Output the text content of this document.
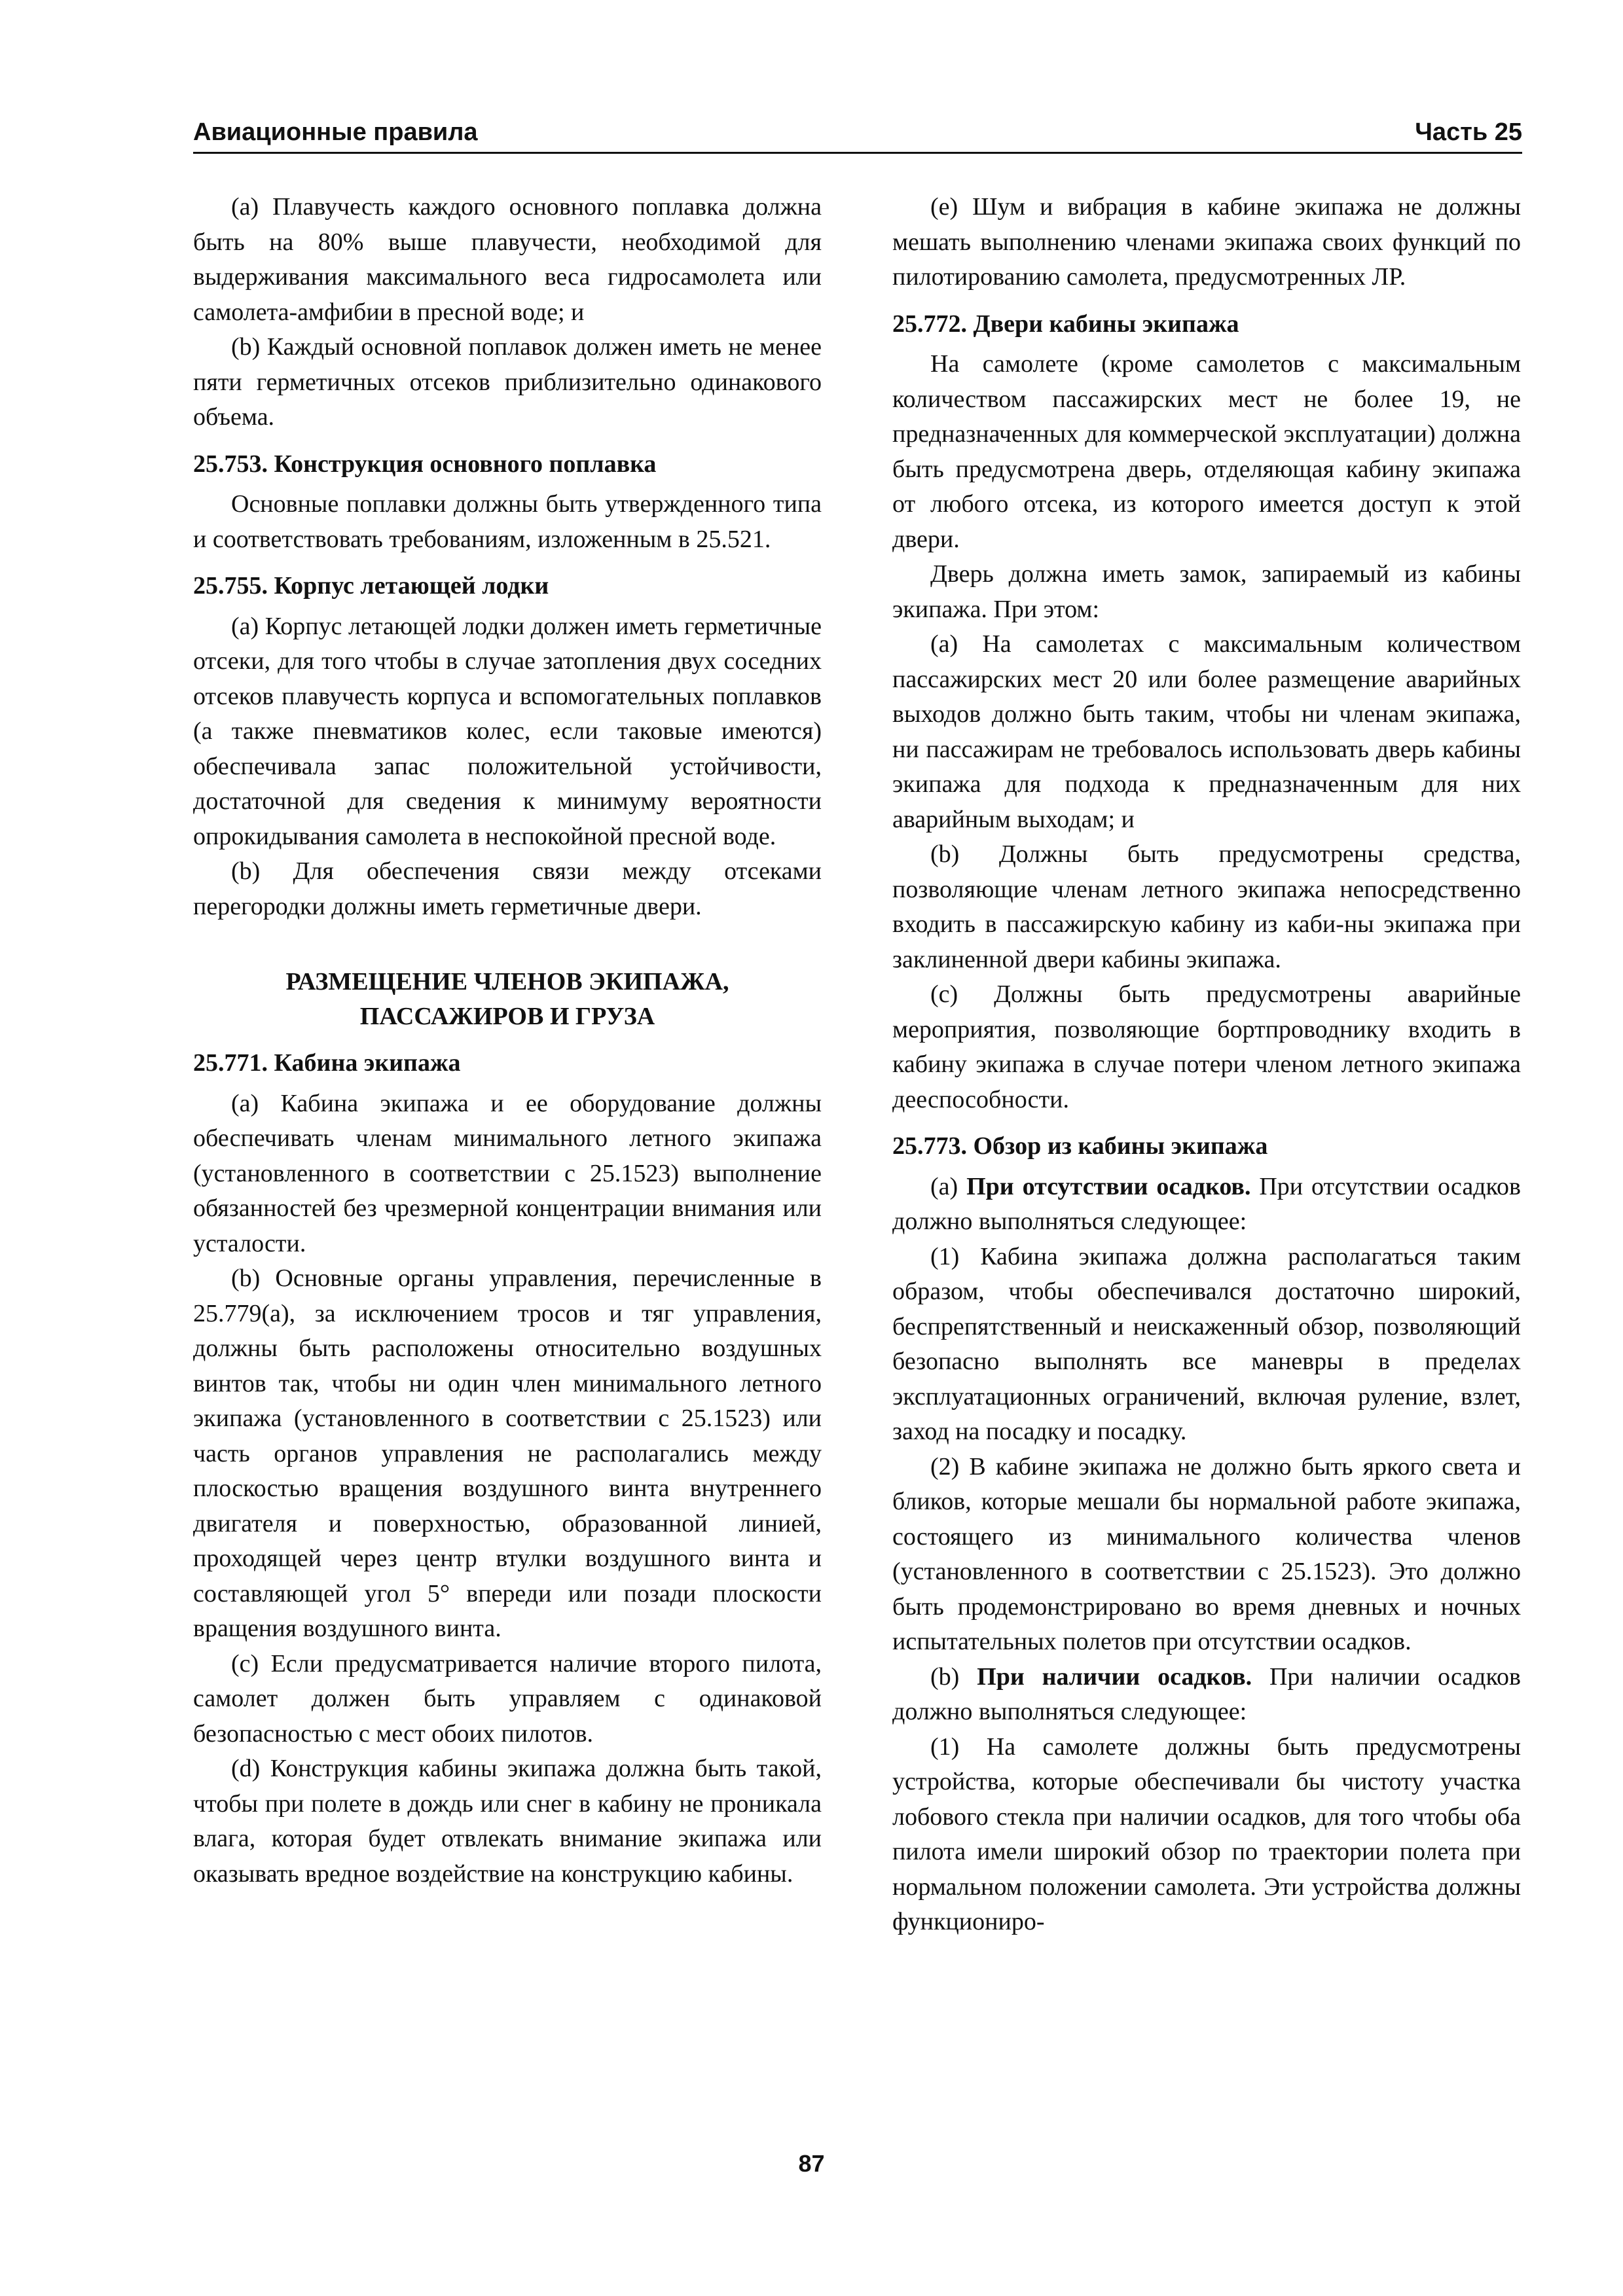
Авиационные правила	Часть 25

(a) Плавучесть каждого основного поплавка должна быть на 80% выше плавучести, необходимой для выдерживания максимального веса гидросамолета или самолета-амфибии в пресной воде; и

(b) Каждый основной поплавок должен иметь не менее пяти герметичных отсеков приблизительно одинакового объема.

25.753. Конструкция основного поплавка

Основные поплавки должны быть утвержденного типа и соответствовать требованиям, изложенным в 25.521.

25.755. Корпус летающей лодки

(a) Корпус летающей лодки должен иметь герметичные отсеки, для того чтобы в случае затопления двух соседних отсеков плавучесть корпуса и вспомогательных поплавков (а также пневматиков колес, если таковые имеются) обеспечивала запас положительной устойчивости, достаточной для сведения к минимуму вероятности опрокидывания самолета в неспокойной пресной воде.

(b) Для обеспечения связи между отсеками перегородки должны иметь герметичные двери.

РАЗМЕЩЕНИЕ ЧЛЕНОВ ЭКИПАЖА,
ПАССАЖИРОВ И ГРУЗА
25.771. Кабина экипажа

(a) Кабина экипажа и ее оборудование должны обеспечивать членам минимального летного экипажа (установленного в соответствии с 25.1523) выполнение обязанностей без чрезмерной концентрации внимания или усталости.

(b) Основные органы управления, перечисленные в 25.779(a), за исключением тросов и тяг управления, должны быть расположены относительно воздушных винтов так, чтобы ни один член минимального летного экипажа (установленного в соответствии с 25.1523) или часть органов управления не располагались между плоскостью вращения воздушного винта внутреннего двигателя и поверхностью, образованной линией, проходящей через центр втулки воздушного винта и составляющей угол 5° впереди или позади плоскости вращения воздушного винта.

(c) Если предусматривается наличие второго пилота, самолет должен быть управляем с одинаковой безопасностью с мест обоих пилотов.

(d) Конструкция кабины экипажа должна быть такой, чтобы при полете в дождь или снег в кабину не проникала влага, которая будет отвлекать внимание экипажа или оказывать вредное воздействие на конструкцию кабины.

(e) Шум и вибрация в кабине экипажа не должны мешать выполнению членами экипажа своих функций по пилотированию самолета, предусмотренных ЛР.

25.772. Двери кабины экипажа

На самолете (кроме самолетов с максимальным количеством пассажирских мест не более 19, не предназначенных для коммерческой эксплуатации) должна быть предусмотрена дверь, отделяющая кабину экипажа от любого отсека, из которого имеется доступ к этой двери.

Дверь должна иметь замок, запираемый из кабины экипажа. При этом:

(a) На самолетах с максимальным количеством пассажирских мест 20 или более размещение аварийных выходов должно быть таким, чтобы ни членам экипажа, ни пассажирам не требовалось использовать дверь кабины экипажа для подхода к предназначенным для них аварийным выходам; и

(b) Должны быть предусмотрены средства, позволяющие членам летного экипажа непосредственно входить в пассажирскую кабину из каби-ны экипажа при заклиненной двери кабины экипажа.

(c) Должны быть предусмотрены аварийные мероприятия, позволяющие бортпроводнику входить в кабину экипажа в случае потери членом летного экипажа дееспособности.

25.773. Обзор из кабины экипажа

(a) При отсутствии осадков. При отсутствии осадков должно выполняться следующее:

(1) Кабина экипажа должна располагаться таким образом, чтобы обеспечивался достаточно широкий, беспрепятственный и неискаженный обзор, позволяющий безопасно выполнять все маневры в пределах эксплуатационных ограничений, включая руление, взлет, заход на посадку и посадку.

(2) В кабине экипажа не должно быть яркого света и бликов, которые мешали бы нормальной работе экипажа, состоящего из минимального количества членов (установленного в соответствии с 25.1523). Это должно быть продемонстрировано во время дневных и ночных испытательных полетов при отсутствии осадков.

(b) При наличии осадков. При наличии осадков должно выполняться следующее:

(1) На самолете должны быть предусмотрены устройства, которые обеспечивали бы чистоту участка лобового стекла при наличии осадков, для того чтобы оба пилота имели широкий обзор по траектории полета при нормальном положении самолета. Эти устройства должны функциониро-

87
